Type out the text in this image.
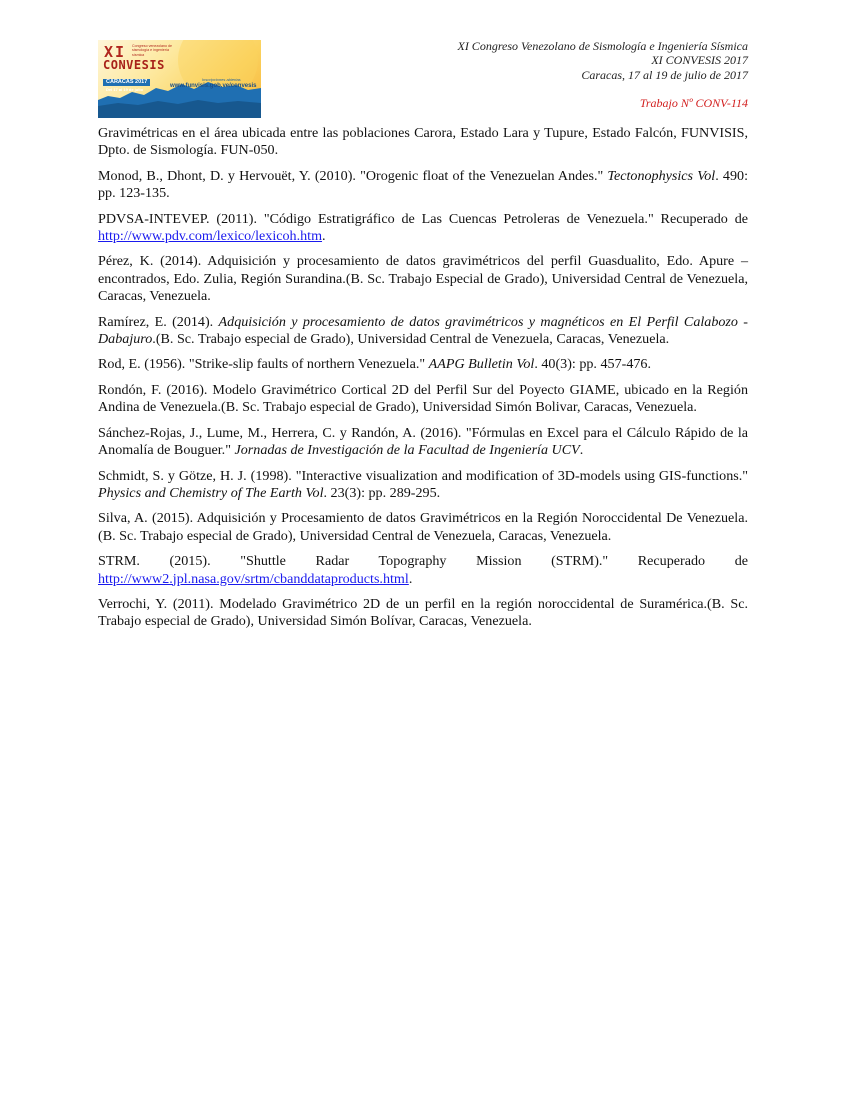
XI Congreso venezolano de sismología e ingeniería sísmica
CONVESIS
CARACAS 2017
Del 17 al 19 de julio
Inscripciones abiertas
www.funvisis.gob.ve/convesis
XI Congreso Venezolano de Sismología e Ingeniería Sísmica
XI CONVESIS 2017
Caracas, 17 al 19 de julio de 2017
Trabajo Nº CONV-114

Gravimétricas en el área ubicada entre las poblaciones Carora, Estado Lara y Tupure, Estado Falcón, FUNVISIS, Dpto. de Sismología. FUN-050.

Monod, B., Dhont, D. y Hervouët, Y. (2010). "Orogenic float of the Venezuelan Andes." Tectonophysics Vol. 490: pp. 123-135.

PDVSA-INTEVEP. (2011). "Código Estratigráfico de Las Cuencas Petroleras de Venezuela." Recuperado de http://www.pdv.com/lexico/lexicoh.htm.

Pérez, K. (2014). Adquisición y procesamiento de datos gravimétricos del perfil Guasdualito, Edo. Apure – encontrados, Edo. Zulia, Región Surandina.(B. Sc. Trabajo Especial de Grado), Universidad Central de Venezuela, Caracas, Venezuela.

Ramírez, E. (2014). Adquisición y procesamiento de datos gravimétricos y magnéticos en El Perfil Calabozo - Dabajuro.(B. Sc. Trabajo especial de Grado), Universidad Central de Venezuela, Caracas, Venezuela.

Rod, E. (1956). "Strike-slip faults of northern Venezuela." AAPG Bulletin Vol. 40(3): pp. 457-476.

Rondón, F. (2016). Modelo Gravimétrico Cortical 2D del Perfil Sur del Poyecto GIAME, ubicado en la Región Andina de Venezuela.(B. Sc. Trabajo especial de Grado), Universidad Simón Bolivar, Caracas, Venezuela.

Sánchez-Rojas, J., Lume, M., Herrera, C. y Randón, A. (2016). "Fórmulas en Excel para el Cálculo Rápido de la Anomalía de Bouguer." Jornadas de Investigación de la Facultad de Ingeniería UCV.

Schmidt, S. y Götze, H. J. (1998). "Interactive visualization and modification of 3D-models using GIS-functions." Physics and Chemistry of The Earth Vol. 23(3): pp. 289-295.

Silva, A. (2015). Adquisición y Procesamiento de datos Gravimétricos en la Región Noroccidental De Venezuela.(B. Sc. Trabajo especial de Grado), Universidad Central de Venezuela, Caracas, Venezuela.

STRM. (2015). "Shuttle Radar Topography Mission (STRM)." Recuperado de http://www2.jpl.nasa.gov/srtm/cbanddataproducts.html.

Verrochi, Y. (2011). Modelado Gravimétrico 2D de un perfil en la región noroccidental de Suramérica.(B. Sc. Trabajo especial de Grado), Universidad Simón Bolívar, Caracas, Venezuela.
